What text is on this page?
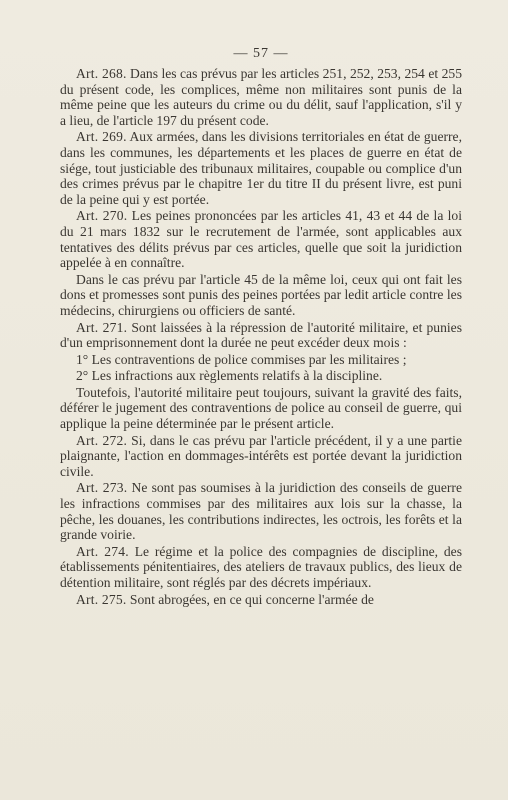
— 57 —

Art. 268. Dans les cas prévus par les articles 251, 252, 253, 254 et 255 du présent code, les complices, même non militaires sont punis de la même peine que les auteurs du crime ou du délit, sauf l'application, s'il y a lieu, de l'article 197 du présent code.

Art. 269. Aux armées, dans les divisions territoriales en état de guerre, dans les communes, les départements et les places de guerre en état de siége, tout justiciable des tribunaux militaires, coupable ou complice d'un des crimes prévus par le chapitre 1er du titre II du présent livre, est puni de la peine qui y est portée.

Art. 270. Les peines prononcées par les articles 41, 43 et 44 de la loi du 21 mars 1832 sur le recrutement de l'armée, sont applicables aux tentatives des délits prévus par ces articles, quelle que soit la juridiction appelée à en connaître.

Dans le cas prévu par l'article 45 de la même loi, ceux qui ont fait les dons et promesses sont punis des peines portées par ledit article contre les médecins, chirurgiens ou officiers de santé.

Art. 271. Sont laissées à la répression de l'autorité militaire, et punies d'un emprisonnement dont la durée ne peut excéder deux mois :

1° Les contraventions de police commises par les militaires ;

2° Les infractions aux règlements relatifs à la discipline.

Toutefois, l'autorité militaire peut toujours, suivant la gravité des faits, déférer le jugement des contraventions de police au conseil de guerre, qui applique la peine déterminée par le présent article.

Art. 272. Si, dans le cas prévu par l'article précédent, il y a une partie plaignante, l'action en dommages-intérêts est portée devant la juridiction civile.

Art. 273. Ne sont pas soumises à la juridiction des conseils de guerre les infractions commises par des militaires aux lois sur la chasse, la pêche, les douanes, les contributions indirectes, les octrois, les forêts et la grande voirie.

Art. 274. Le régime et la police des compagnies de discipline, des établissements pénitentiaires, des ateliers de travaux publics, des lieux de détention militaire, sont réglés par des décrets impériaux.

Art. 275. Sont abrogées, en ce qui concerne l'armée de
